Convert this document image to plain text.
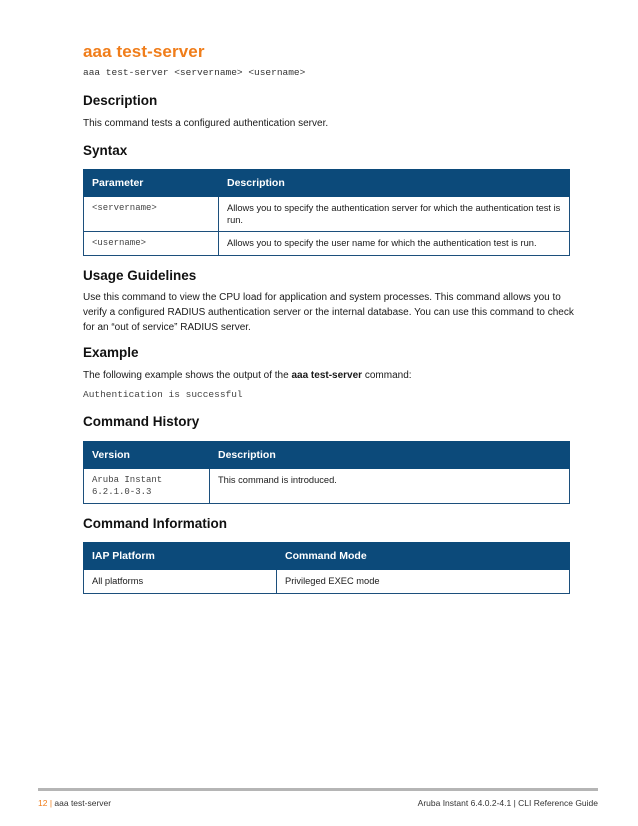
aaa test-server
aaa test-server <servername> <username>
Description

This command tests a configured authentication server.

Syntax
Parameter	Description
<servername>	Allows you to specify the authentication server for which the authentication test is run.
<username>	Allows you to specify the user name for which the authentication test is run.
Usage Guidelines

Use this command to view the CPU load for application and system processes. This command allows you to verify a configured RADIUS authentication server or the internal database. You can use this command to check for an “out of service” RADIUS server.

Example

The following example shows the output of the aaa test-server command:

Authentication is successful
Command History
Version	Description
Aruba Instant 6.2.1.0-3.3	This command is introduced.
Command Information
IAP Platform	Command Mode
All platforms	Privileged EXEC mode
12 | aaa test-server	Aruba Instant 6.4.0.2-4.1 | CLI Reference Guide
